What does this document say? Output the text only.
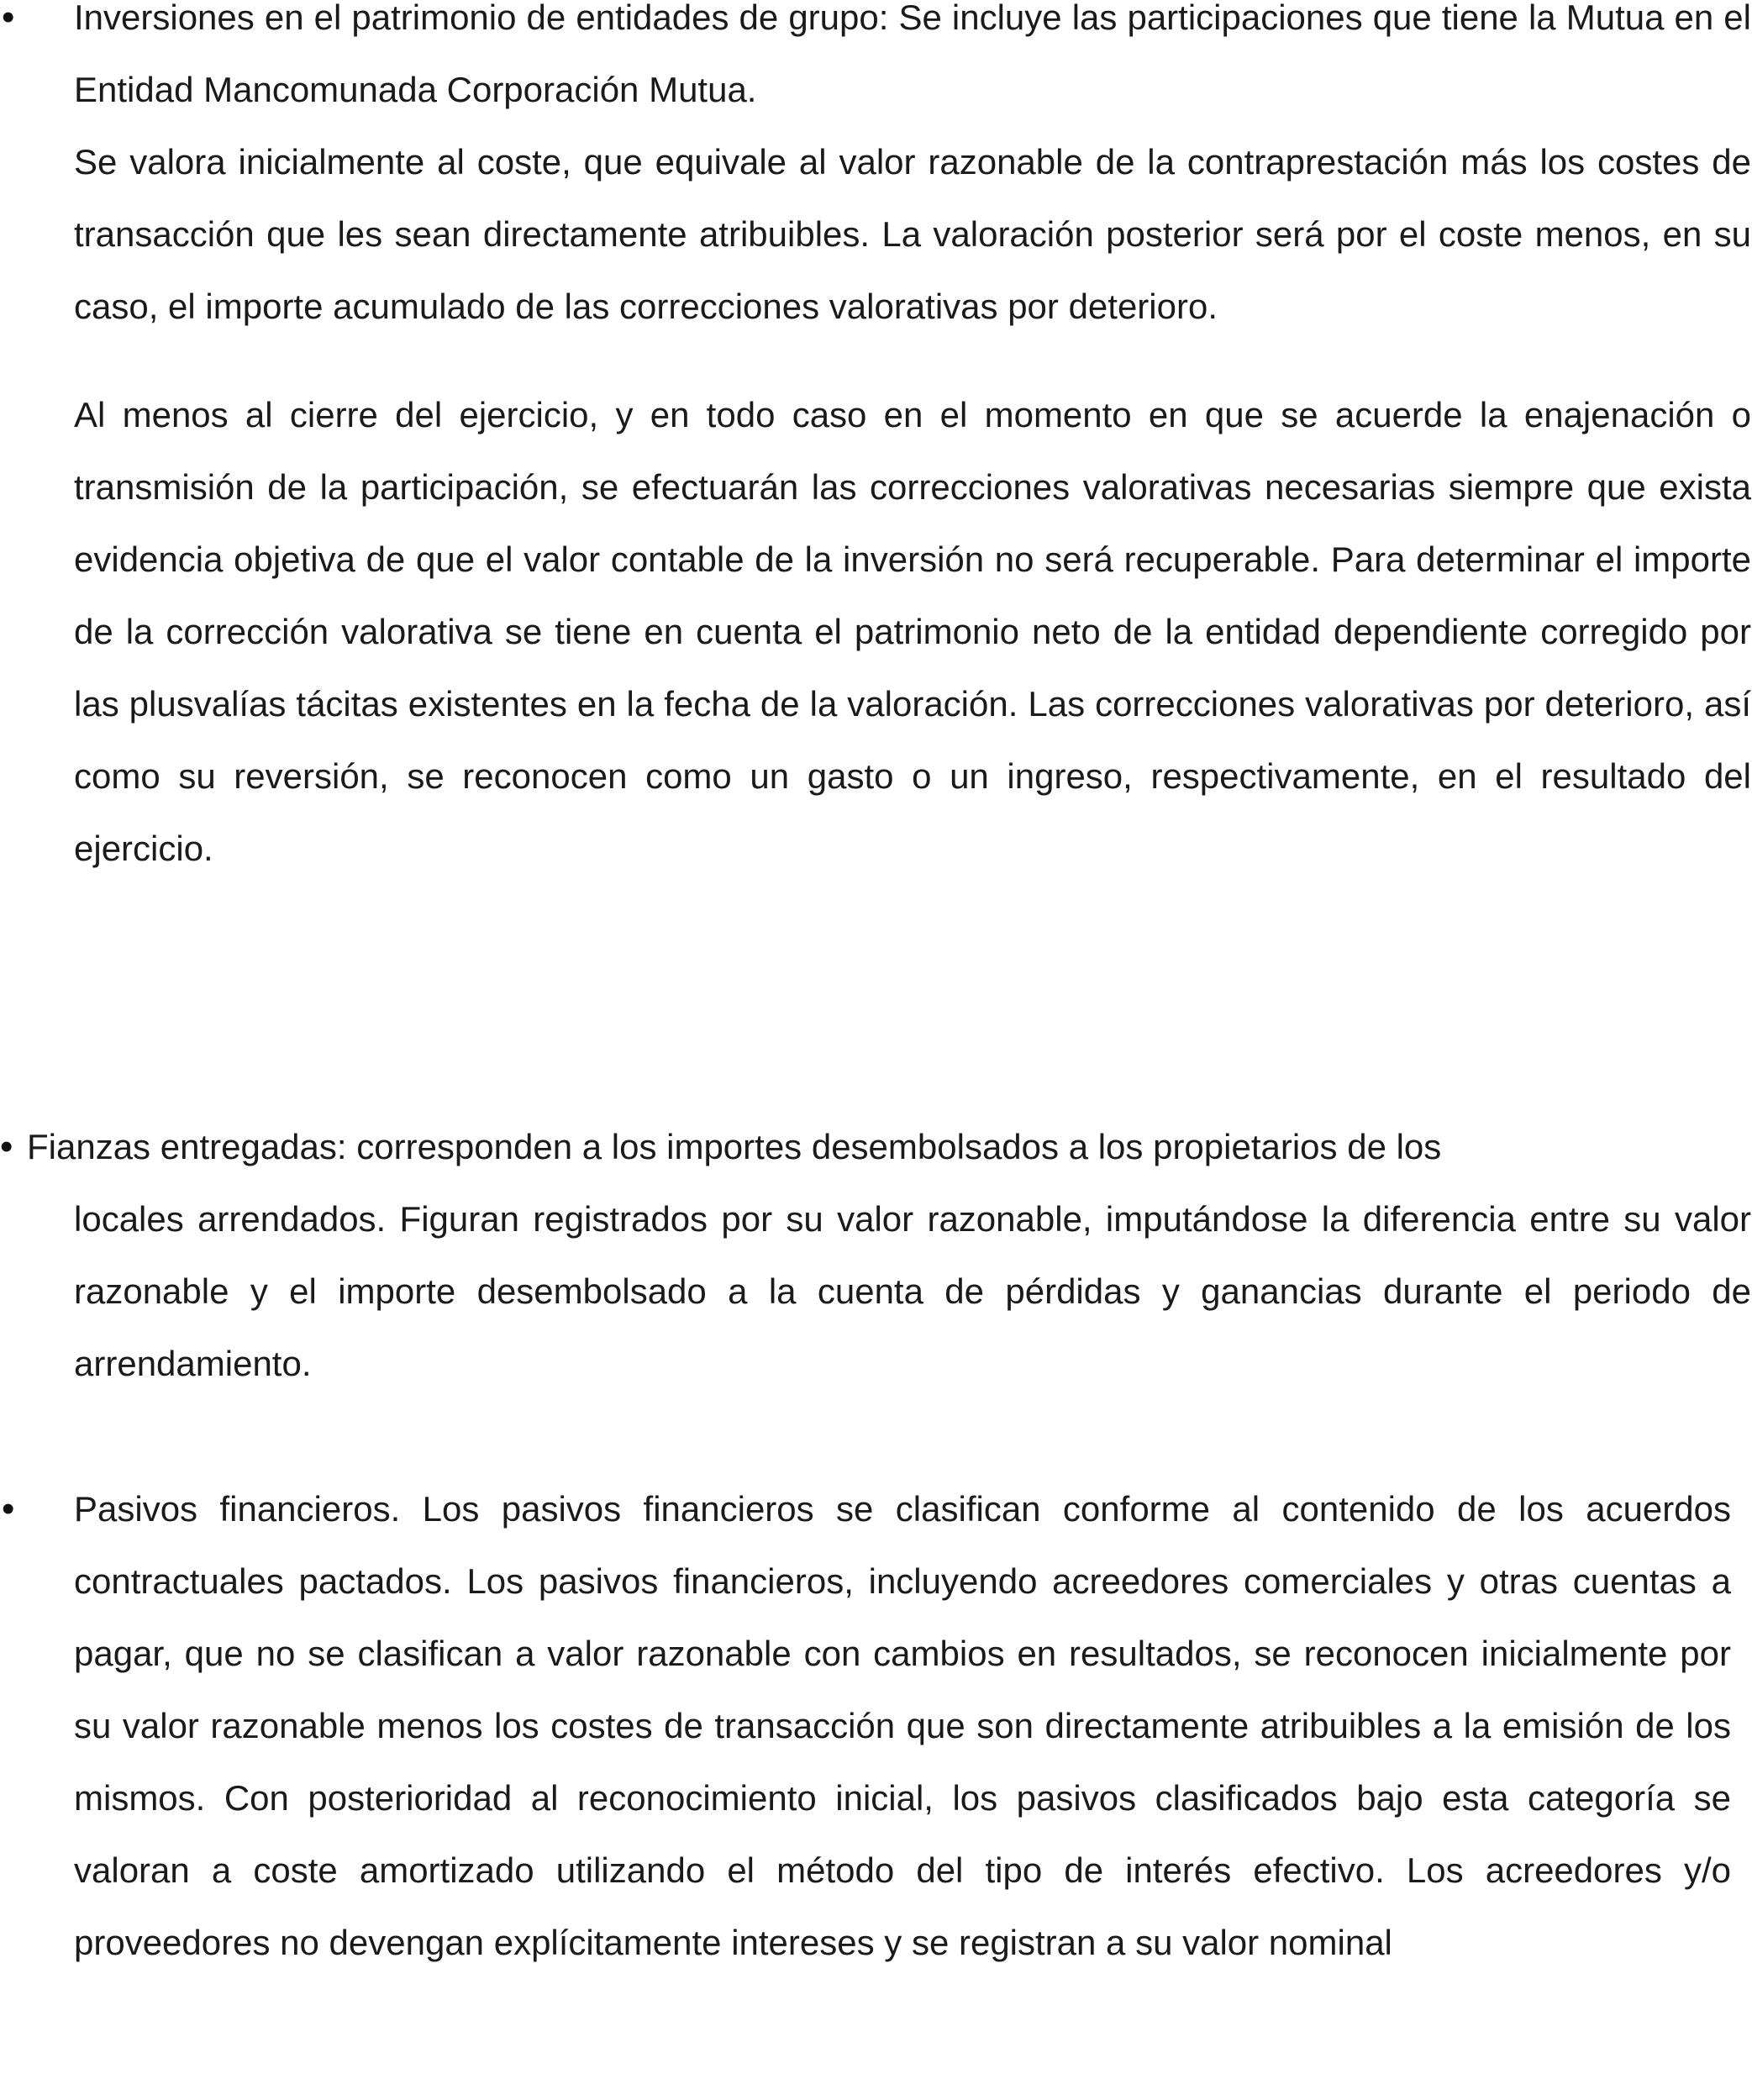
• Inversiones en el patrimonio de entidades de grupo: Se incluye las participaciones que tiene la Mutua en el Entidad Mancomunada Corporación Mutua.

Se valora inicialmente al coste, que equivale al valor razonable de la contraprestación más los costes de transacción que les sean directamente atribuibles. La valoración posterior será por el coste menos, en su caso, el importe acumulado de las correcciones valorativas por deterioro.

Al menos al cierre del ejercicio, y en todo caso en el momento en que se acuerde la enajenación o transmisión de la participación, se efectuarán las correcciones valorativas necesarias siempre que exista evidencia objetiva de que el valor contable de la inversión no será recuperable. Para determinar el importe de la corrección valorativa se tiene en cuenta el patrimonio neto de la entidad dependiente corregido por las plusvalías tácitas existentes en la fecha de la valoración. Las correcciones valorativas por deterioro, así como su reversión, se reconocen como un gasto o un ingreso, respectivamente, en el resultado del ejercicio.

• Fianzas entregadas: corresponden a los importes desembolsados a los propietarios de los
locales arrendados. Figuran registrados por su valor razonable, imputándose la diferencia entre su valor razonable y el importe desembolsado a la cuenta de pérdidas y ganancias durante el periodo de arrendamiento.

• Pasivos financieros. Los pasivos financieros se clasifican conforme al contenido de los acuerdos contractuales pactados. Los pasivos financieros, incluyendo acreedores comerciales y otras cuentas a pagar, que no se clasifican a valor razonable con cambios en resultados, se reconocen inicialmente por su valor razonable menos los costes de transacción que son directamente atribuibles a la emisión de los mismos. Con posterioridad al reconocimiento inicial, los pasivos clasificados bajo esta categoría se valoran a coste amortizado utilizando el método del tipo de interés efectivo. Los acreedores y/o proveedores no devengan explícitamente intereses y se registran a su valor nominal
